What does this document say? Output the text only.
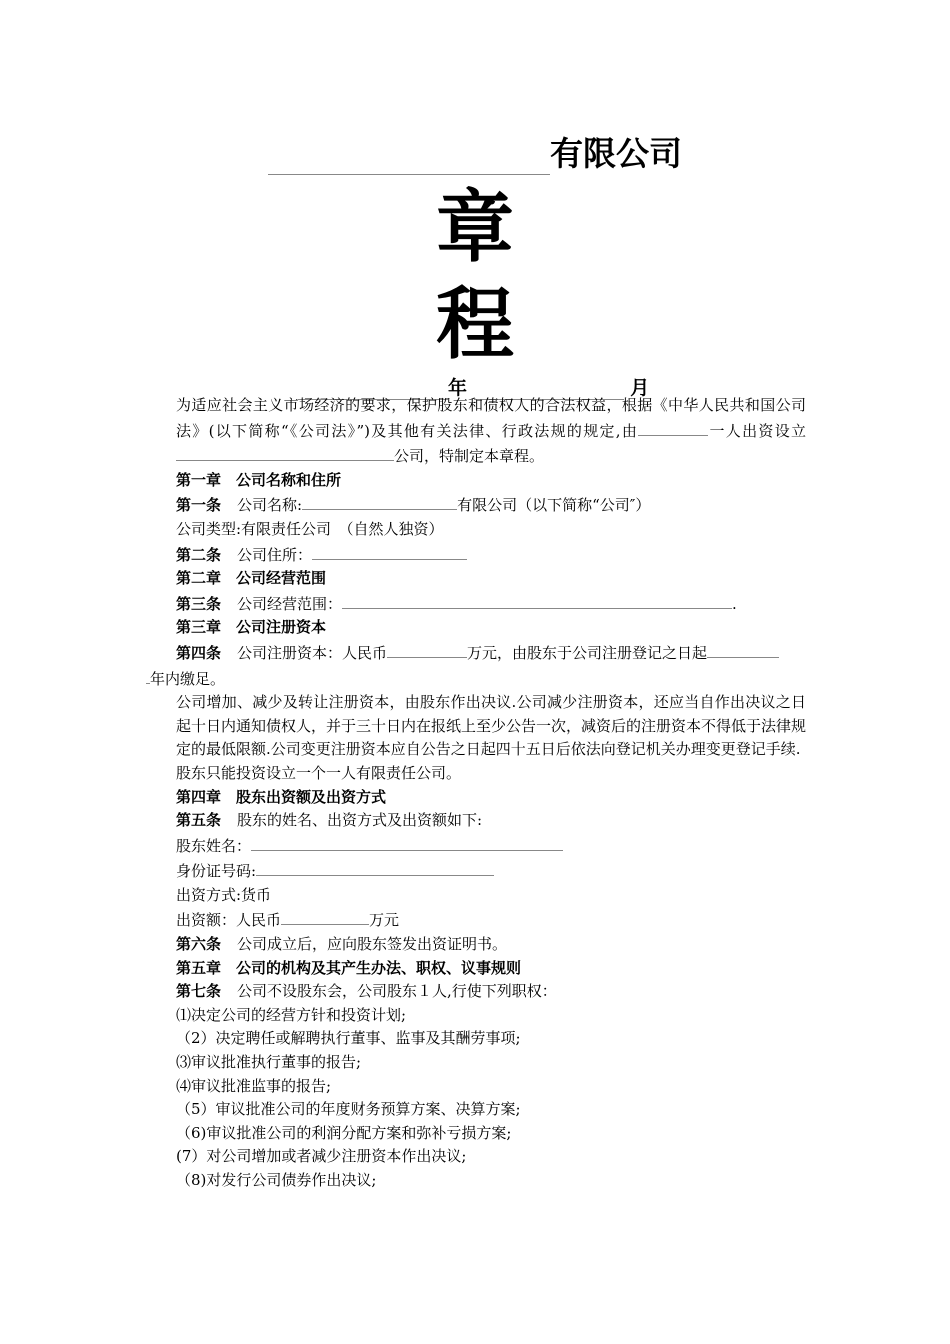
有限公司
章
程
年	月

为适应社会主义市场经济的要求，保护股东和债权人的合法权益，根据《中华人民共和国公司法》(以下简称“《公司法》”)及其他有关法律、行政法规的规定,由	一人出资设立公司，特制定本章程。

第一章　公司名称和住所

第一条 公司名称:	有限公司（以下简称“公司″）

公司类型:有限责任公司　（自然人独资）

第二条 公司住所：

第二章　公司经营范围

第三条 公司经营范围：	.

第三章　公司注册资本

第四条 公司注册资本：人民币	万元，由股东于公司注册登记之日起

年内缴足。

公司增加、减少及转让注册资本，由股东作出决议.公司减少注册资本，还应当自作出决议之日起十日内通知债权人，并于三十日内在报纸上至少公告一次，减资后的注册资本不得低于法律规定的最低限额.公司变更注册资本应自公告之日起四十五日后依法向登记机关办理变更登记手续.

股东只能投资设立一个一人有限责任公司。

第四章　股东出资额及出资方式

第五条 股东的姓名、出资方式及出资额如下:

股东姓名：

身份证号码:

出资方式:货币

出资额：人民币	万元

第六条 公司成立后，应向股东签发出资证明书。

第五章　公司的机构及其产生办法、职权、议事规则

第七条 公司不设股东会，公司股东１人,行使下列职权：

⑴决定公司的经营方针和投资计划;

（2）决定聘任或解聘执行董事、监事及其酬劳事项;

⑶审议批准执行董事的报告;

⑷审议批准监事的报告;

（5）审议批准公司的年度财务预算方案、决算方案;

（6)审议批准公司的利润分配方案和弥补亏损方案;

(7）对公司增加或者减少注册资本作出决议;

（8)对发行公司债券作出决议;
